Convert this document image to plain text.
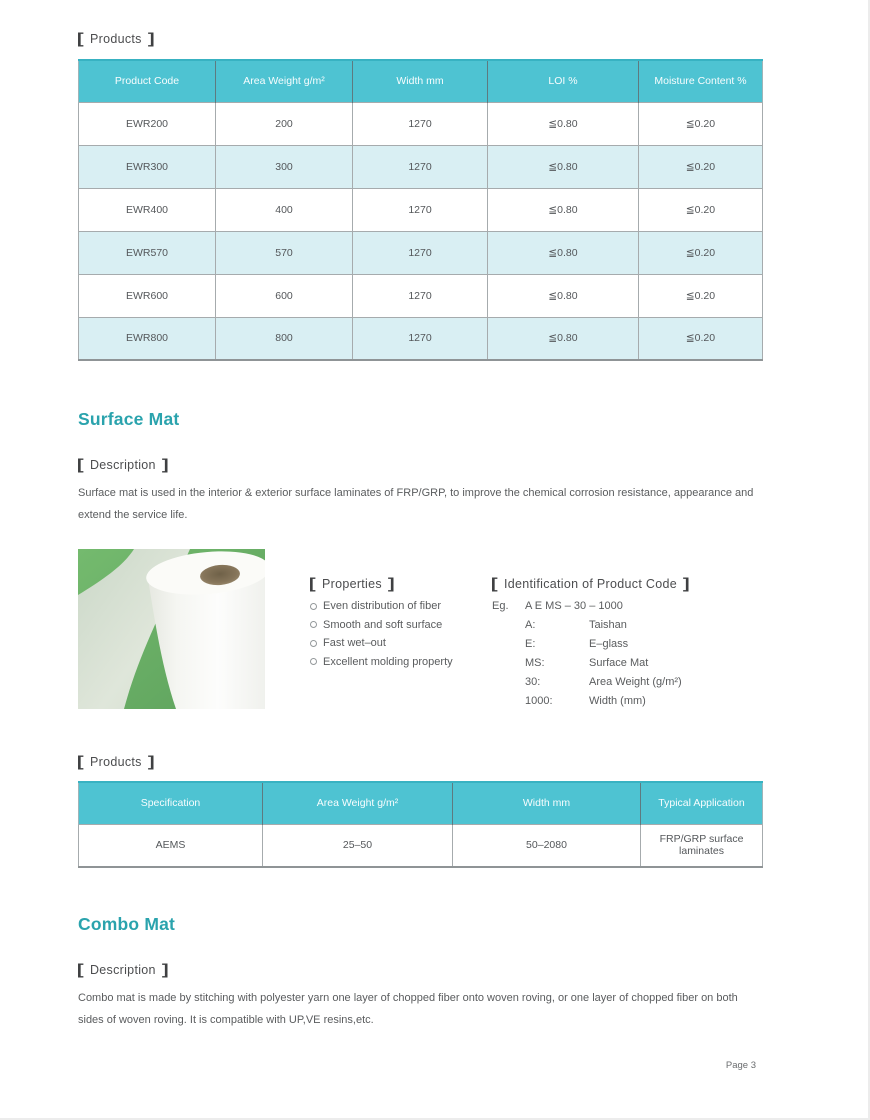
[ Products ]
Product Code	Area Weight g/m²	Width mm	LOI %	Moisture Content %
EWR200	200	1270	≦0.80	≦0.20
EWR300	300	1270	≦0.80	≦0.20
EWR400	400	1270	≦0.80	≦0.20
EWR570	570	1270	≦0.80	≦0.20
EWR600	600	1270	≦0.80	≦0.20
EWR800	800	1270	≦0.80	≦0.20
Surface Mat
[ Description ]

Surface mat is used in the interior & exterior surface laminates of FRP/GRP, to improve the chemical corrosion resistance, appearance and extend the service life.

[ Properties ]
Even distribution of fiber
Smooth and soft surface
Fast wet–out
Excellent molding property
[ Identification of Product Code ]
Eg.	A E MS – 30 – 1000
A:	Taishan
E:	E–glass
MS:	Surface Mat
30:	Area Weight (g/m²)
1000:	Width (mm)
[ Products ]
Specification	Area Weight g/m²	Width mm	Typical Application
AEMS	25–50	50–2080	FRP/GRP surface laminates
Combo Mat
[ Description ]

Combo mat is made by stitching with polyester yarn one layer of chopped fiber onto woven roving, or one layer of chopped fiber on both sides of woven roving. It is compatible with UP,VE resins,etc.

Page 3
